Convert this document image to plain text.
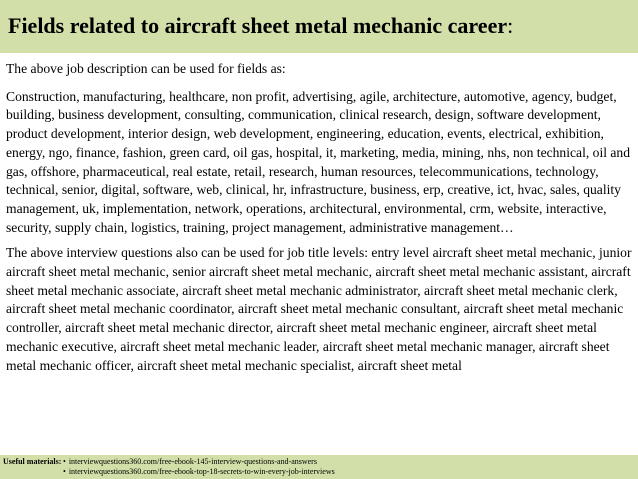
Fields related to aircraft sheet metal mechanic career:

The above job description can be used for fields as:

Construction, manufacturing, healthcare, non profit, advertising, agile, architecture, automotive, agency, budget, building, business development, consulting, communication, clinical research, design, software development, product development, interior design, web development, engineering, education, events, electrical, exhibition, energy, ngo, finance, fashion, green card, oil gas, hospital, it, marketing, media, mining, nhs, non technical, oil and gas, offshore, pharmaceutical, real estate, retail, research, human resources, telecommunications, technology, technical, senior, digital, software, web, clinical, hr, infrastructure, business, erp, creative, ict, hvac, sales, quality management, uk, implementation, network, operations, architectural, environmental, crm, website, interactive, security, supply chain, logistics, training, project management, administrative management…

The above interview questions also can be used for job title levels: entry level aircraft sheet metal mechanic, junior aircraft sheet metal mechanic, senior aircraft sheet metal mechanic, aircraft sheet metal mechanic assistant, aircraft sheet metal mechanic associate, aircraft sheet metal mechanic administrator, aircraft sheet metal mechanic clerk, aircraft sheet metal mechanic coordinator, aircraft sheet metal mechanic consultant, aircraft sheet metal mechanic controller, aircraft sheet metal mechanic director, aircraft sheet metal mechanic engineer, aircraft sheet metal mechanic executive, aircraft sheet metal mechanic leader, aircraft sheet metal mechanic manager, aircraft sheet metal mechanic officer, aircraft sheet metal mechanic specialist, aircraft sheet metal

Useful materials: • interviewquestions360.com/free-ebook-145-interview-questions-and-answers
• interviewquestions360.com/free-ebook-top-18-secrets-to-win-every-job-interviews
